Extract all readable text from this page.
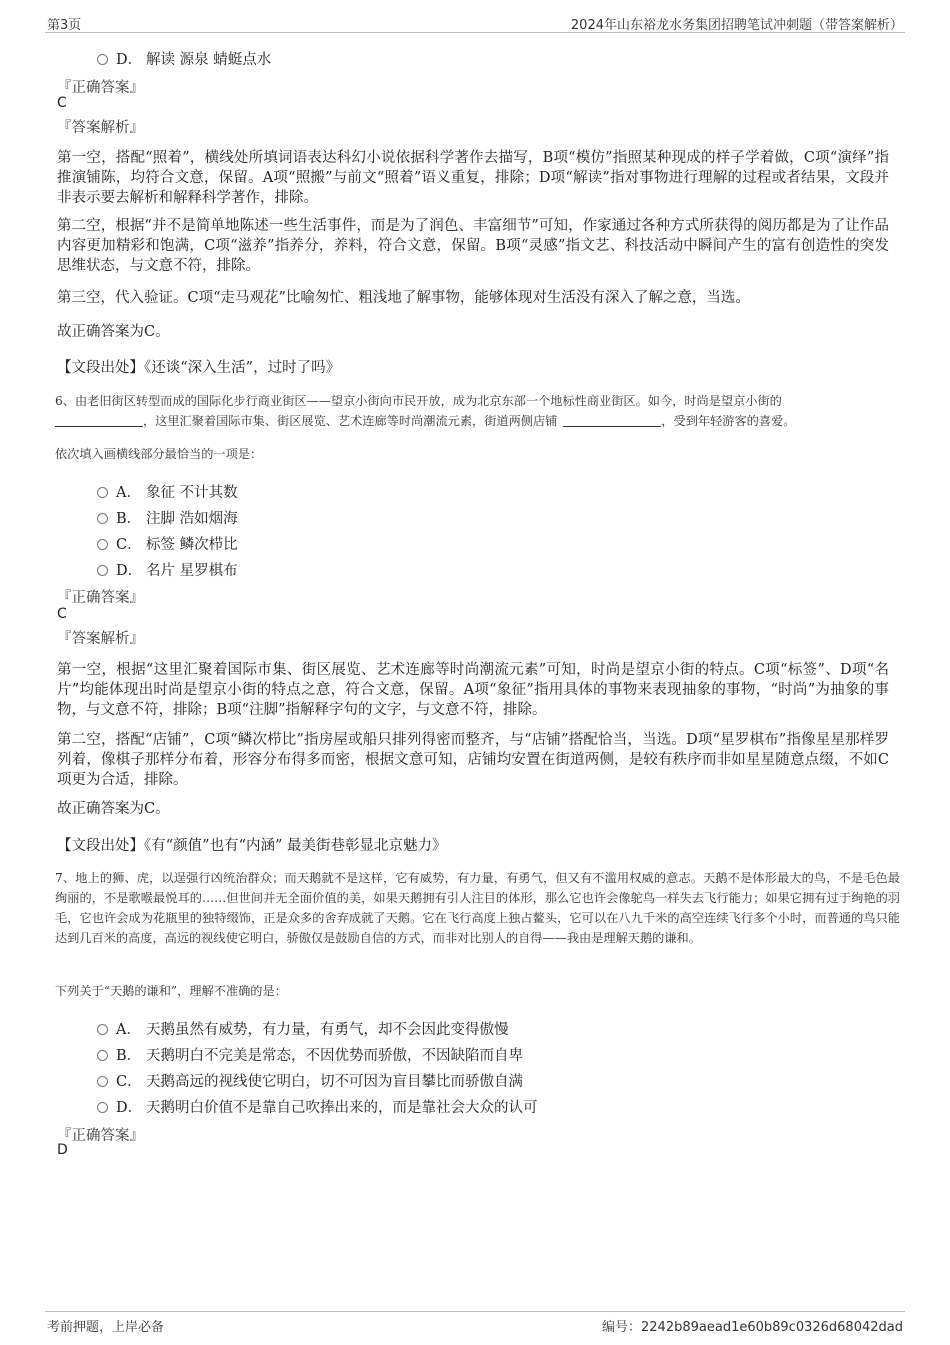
第3页	2024年山东裕龙水务集团招聘笔试冲刺题（带答案解析）
D． 解读 源泉 蜻蜓点水
『正确答案』
C
『答案解析』

第一空，搭配“照着”，横线处所填词语表达科幻小说依据科学著作去描写，B项“模仿”指照某种现成的样子学着做，C项“演绎”指推演铺陈，均符合文意，保留。A项“照搬”与前文“照着”语义重复，排除；D项“解读”指对事物进行理解的过程或者结果，文段并非表示要去解析和解释科学著作，排除。

第二空，根据“并不是简单地陈述一些生活事件，而是为了润色、丰富细节”可知，作家通过各种方式所获得的阅历都是为了让作品内容更加精彩和饱满，C项“滋养”指养分，养料，符合文意，保留。B项“灵感”指文艺、科技活动中瞬间产生的富有创造性的突发思维状态，与文意不符，排除。

第三空，代入验证。C项“走马观花”比喻匆忙、粗浅地了解事物，能够体现对生活没有深入了解之意，当选。

故正确答案为C。

【文段出处】《还谈“深入生活”，过时了吗》

6、由老旧街区转型而成的国际化步行商业街区——望京小街向市民开放，成为北京东部一个地标性商业街区。如今，时尚是望京小街的
，这里汇聚着国际市集、街区展览、艺术连廊等时尚潮流元素，街道两侧店铺	，受到年轻游客的喜爱。

依次填入画横线部分最恰当的一项是：
A． 象征 不计其数
B． 注脚 浩如烟海
C． 标签 鳞次栉比
D． 名片 星罗棋布
『正确答案』
C
『答案解析』

第一空，根据“这里汇聚着国际市集、街区展览、艺术连廊等时尚潮流元素”可知，时尚是望京小街的特点。C项“标签”、D项“名片”均能体现出时尚是望京小街的特点之意，符合文意，保留。A项“象征”指用具体的事物来表现抽象的事物，“时尚”为抽象的事物，与文意不符，排除；B项“注脚”指解释字句的文字，与文意不符，排除。

第二空，搭配“店铺”，C项“鳞次栉比”指房屋或船只排列得密而整齐，与“店铺”搭配恰当，当选。D项“星罗棋布”指像星星那样罗列着，像棋子那样分布着，形容分布得多而密，根据文意可知，店铺均安置在街道两侧，是较有秩序而非如星星随意点缀，不如C项更为合适，排除。

故正确答案为C。

【文段出处】《有“颜值”也有“内涵” 最美街巷彰显北京魅力》

7、地上的狮、虎，以逞强行凶统治群众；而天鹅就不是这样，它有威势，有力量，有勇气，但又有不滥用权威的意志。天鹅不是体形最大的鸟，不是毛色最绚丽的，不是歌喉最悦耳的……但世间并无全面价值的美，如果天鹅拥有引人注目的体形，那么它也许会像鸵鸟一样失去飞行能力；如果它拥有过于绚艳的羽毛，它也许会成为花瓶里的独特缀饰，正是众多的舍弃成就了天鹅。它在飞行高度上独占鳌头，它可以在八九千米的高空连续飞行多个小时，而普通的鸟只能达到几百米的高度，高远的视线使它明白，骄傲仅是鼓励自信的方式，而非对比别人的自得——我由是理解天鹅的谦和。

下列关于“天鹅的谦和”，理解不准确的是：
A． 天鹅虽然有威势，有力量，有勇气，却不会因此变得傲慢
B． 天鹅明白不完美是常态，不因优势而骄傲，不因缺陷而自卑
C． 天鹅高远的视线使它明白，切不可因为盲目攀比而骄傲自满
D． 天鹅明白价值不是靠自己吹捧出来的，而是靠社会大众的认可
『正确答案』
D
考前押题，上岸必备	编号：2242b89aead1e60b89c0326d68042dad
